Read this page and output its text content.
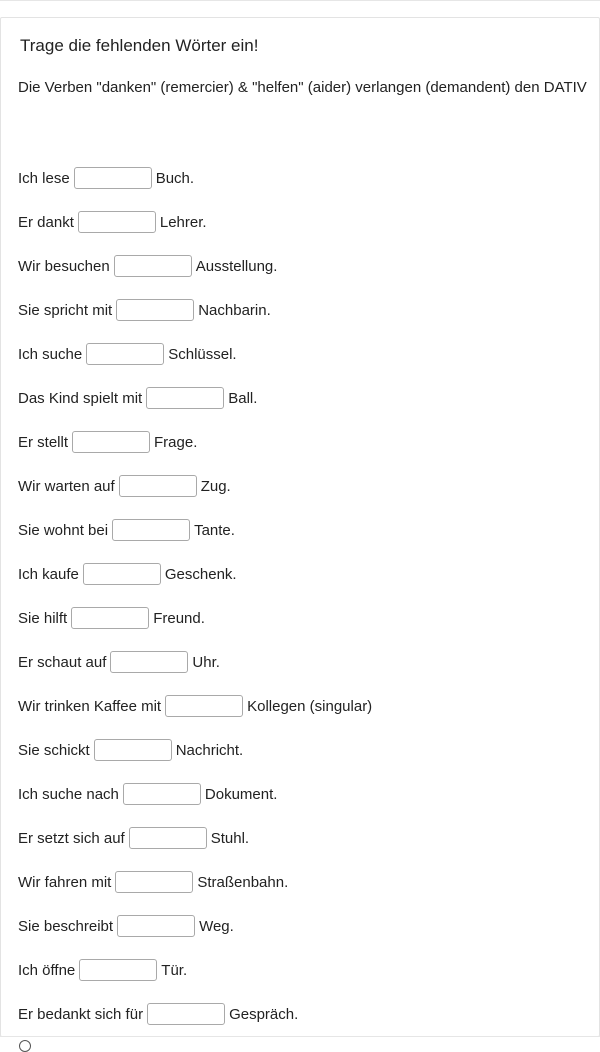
Trage die fehlenden Wörter ein!

Die Verben "danken" (remercier) & "helfen" (aider) verlangen (demandent) den DATIV

Ich lese	Buch.
Er dankt	Lehrer.
Wir besuchen	Ausstellung.
Sie spricht mit	Nachbarin.
Ich suche	Schlüssel.
Das Kind spielt mit	Ball.
Er stellt	Frage.
Wir warten auf	Zug.
Sie wohnt bei	Tante.
Ich kaufe	Geschenk.
Sie hilft	Freund.
Er schaut auf	Uhr.
Wir trinken Kaffee mit	Kollegen (singular)
Sie schickt	Nachricht.
Ich suche nach	Dokument.
Er setzt sich auf	Stuhl.
Wir fahren mit	Straßenbahn.
Sie beschreibt	Weg.
Ich öffne	Tür.
Er bedankt sich für	Gespräch.
